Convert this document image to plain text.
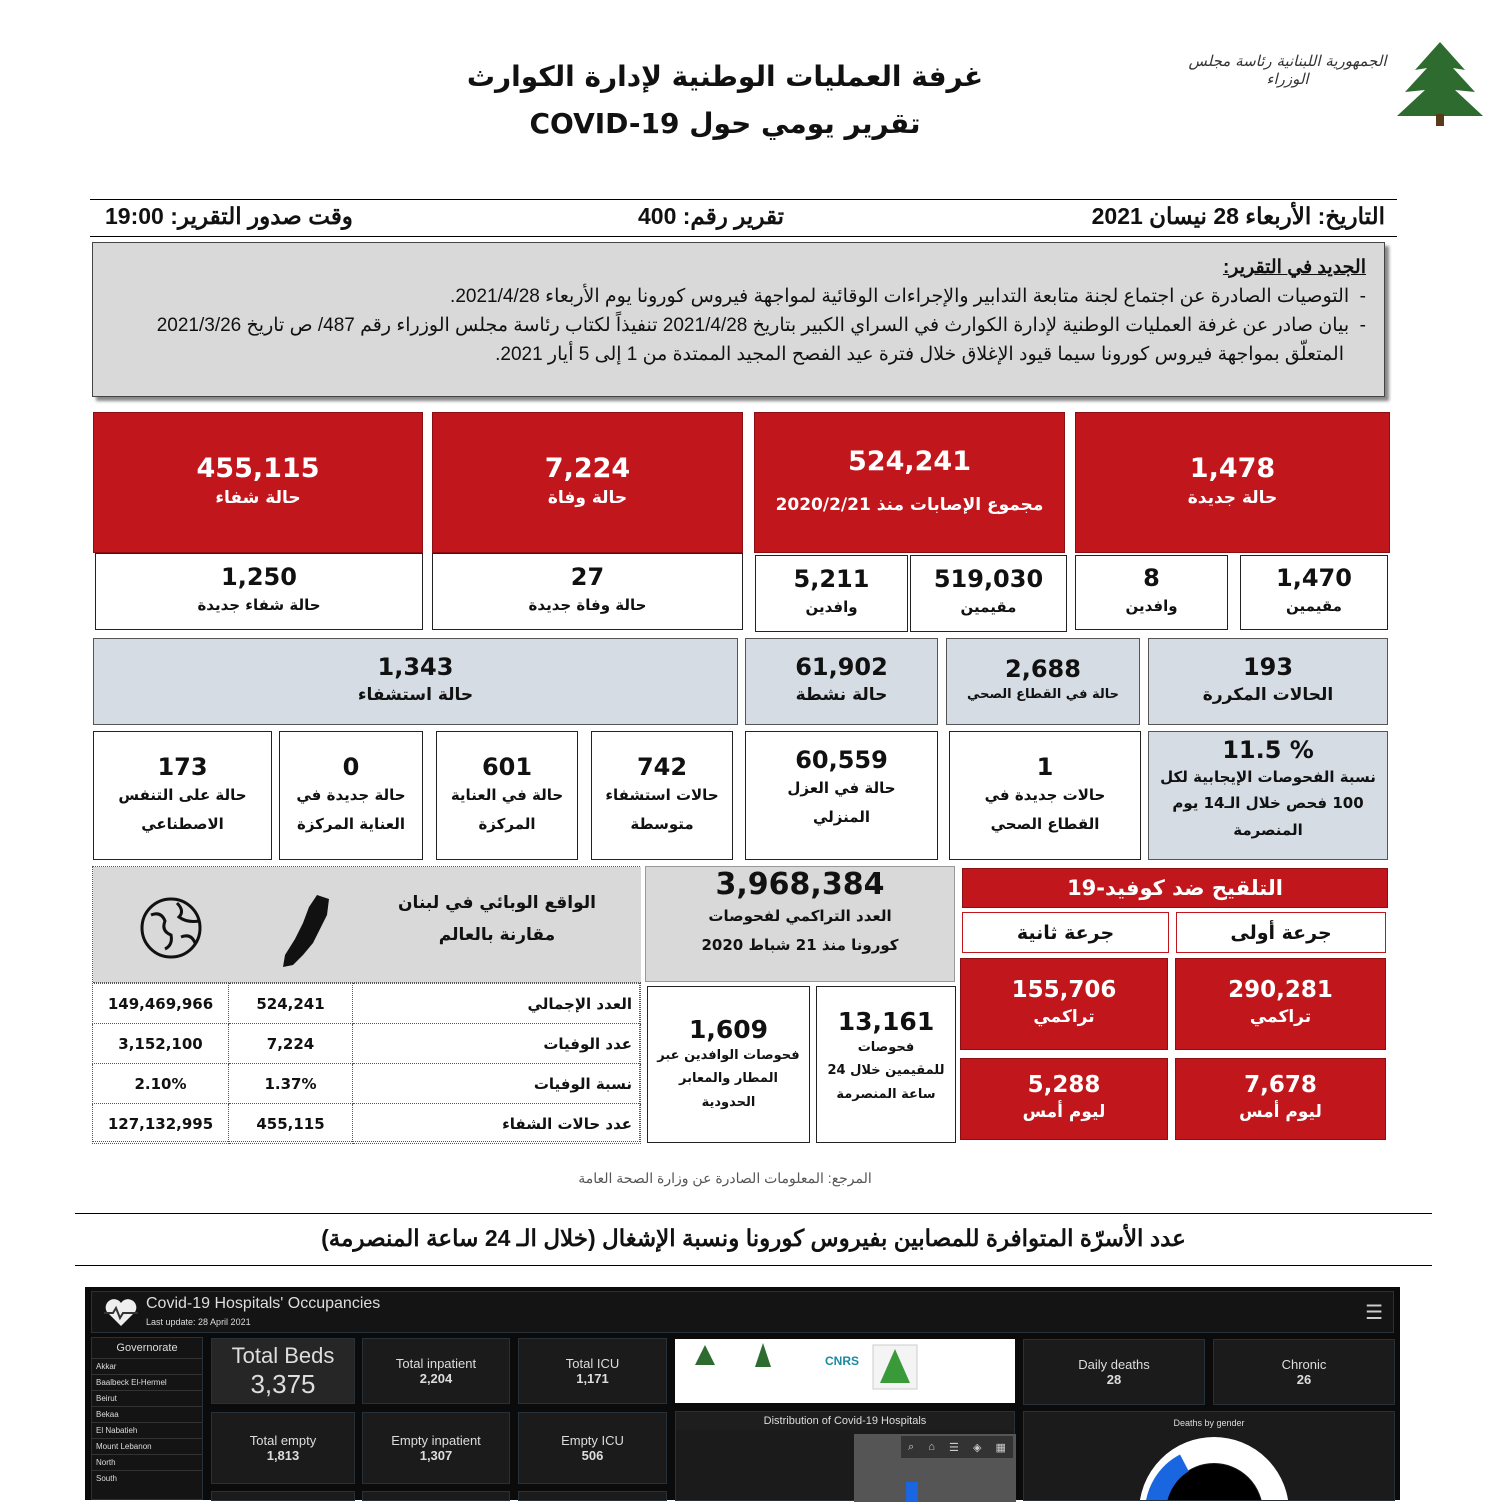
غرفة العمليات الوطنية لإدارة الكوارث
تقرير يومي حول COVID-19
الجمهورية اللبنانية رئاسة مجلس الوزراء
التاريخ: الأربعاء 28 نيسان 2021
تقرير رقم: 400
وقت صدور التقرير: 19:00
الجديد في التقرير:
-  التوصيات الصادرة عن اجتماع لجنة متابعة التدابير والإجراءات الوقائية لمواجهة فيروس كورونا يوم الأربعاء 2021/4/28.
-  بيان صادر عن غرفة العمليات الوطنية لإدارة الكوارث في السراي الكبير بتاريخ 2021/4/28 تنفيذاً لكتاب رئاسة مجلس الوزراء رقم 487/ ص تاريخ 2021/3/26 المتعلّق بمواجهة فيروس كورونا سيما قيود الإغلاق خلال فترة عيد الفصح المجيد الممتدة من 1 إلى 5 أيار 2021.
455,115
حالة شفاء
7,224
حالة وفاة
524,241
مجموع الإصابات منذ 2020/2/21
1,478
حالة جديدة
1,250
حالة شفاء جديدة
27
حالة وفاة جديدة
5,211
وافدين
519,030
مقيمين
8
وافدين
1,470
مقيمين
1,343
حالة استشفاء
61,902
حالة نشطة
2,688
حالة في القطاع الصحي
193
الحالات المكررة
173
حالة على التنفس الاصطناعي
0
حالة جديدة في العناية المركزة
601
حالة في العناية المركزة
742
حالات استشفاء متوسطة
60,559
حالة في العزل المنزلي
1
حالات جديدة في القطاع الصحي
11.5 %
نسبة الفحوصات الإيجابية لكل 100 فحص خلال الـ14 يوم المنصرمة
الواقع الوبائي في لبنان مقارنة بالعالم
149,469,966	524,241	العدد الإجمالي
3,152,100	7,224	عدد الوفيات
2.10%	1.37%	نسبة الوفيات
127,132,995	455,115	عدد حالات الشفاء
3,968,384
العدد التراكمي لفحوصات كورونا منذ 21 شباط 2020
1,609
فحوصات الوافدين عبر المطار والمعابر الحدودية
13,161
فحوصات للمقيمين خلال 24 ساعة المنصرمة
التلقيح ضد كوفيد-19
جرعة ثانية	جرعة أولى
155,706
تراكمي
290,281
تراكمي
5,288
ليوم أمس
7,678
ليوم أمس
المرجع: المعلومات الصادرة عن وزارة الصحة العامة
عدد الأسرّة المتوافرة للمصابين بفيروس كورونا ونسبة الإشغال (خلال الـ 24 ساعة المنصرمة)
Covid-19 Hospitals' Occupancies
Last update: 28 April 2021	☰
Governorate
Akkar
Baalbeck El-Hermel
Beirut
Bekaa
El Nabatieh
Mount Lebanon
North
South
Total Beds
3,375
Total inpatient
2,204
Total ICU
1,171
Total empty
1,813
Empty inpatient
1,307
Empty ICU
506
CNRS
Distribution of Covid-19 Hospitals
⌕ ⌂ ☰ ◈ ▦
Daily deaths
28
Chronic
26
Deaths by gender
